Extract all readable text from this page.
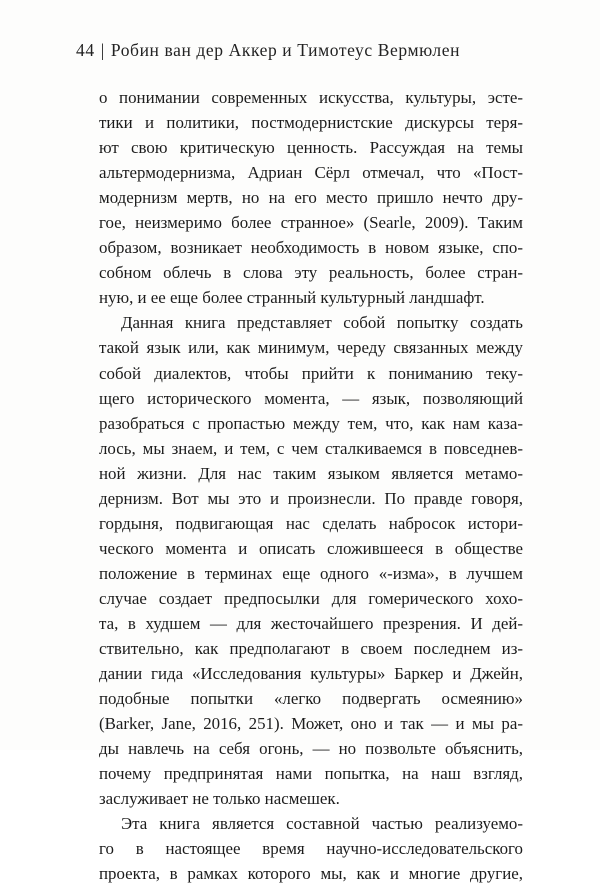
44 | Робин ван дер Аккер и Тимотеус Вермюлен
о понимании современных искусства, культуры, эсте-
тики и политики, постмодернистские дискурсы теря-
ют свою критическую ценность. Рассуждая на темы
альтермодернизма, Адриан Сёрл отмечал, что «Пост-
модернизм мертв, но на его место пришло нечто дру-
гое, неизмеримо более странное» (Searle, 2009). Таким
образом, возникает необходимость в новом языке, спо-
собном облечь в слова эту реальность, более стран-
ную, и ее еще более странный культурный ландшафт.
Данная книга представляет собой попытку создать
такой язык или, как минимум, череду связанных между
собой диалектов, чтобы прийти к пониманию теку-
щего исторического момента, — язык, позволяющий
разобраться с пропастью между тем, что, как нам каза-
лось, мы знаем, и тем, с чем сталкиваемся в повседнев-
ной жизни. Для нас таким языком является метамо-
дернизм. Вот мы это и произнесли. По правде говоря,
гордыня, подвигающая нас сделать набросок истори-
ческого момента и описать сложившееся в обществе
положение в терминах еще одного «-изма», в лучшем
случае создает предпосылки для гомерического хохо-
та, в худшем — для жесточайшего презрения. И дей-
ствительно, как предполагают в своем последнем из-
дании гида «Исследования культуры» Баркер и Джейн,
подобные попытки «легко подвергать осмеянию»
(Barker, Jane, 2016, 251). Может, оно и так — и мы ра-
ды навлечь на себя огонь, — но позвольте объяснить,
почему предпринятая нами попытка, на наш взгляд,
заслуживает не только насмешек.
Эта книга является составной частью реализуемо-
го в настоящее время научно-исследовательского
проекта, в рамках которого мы, как и многие другие,
